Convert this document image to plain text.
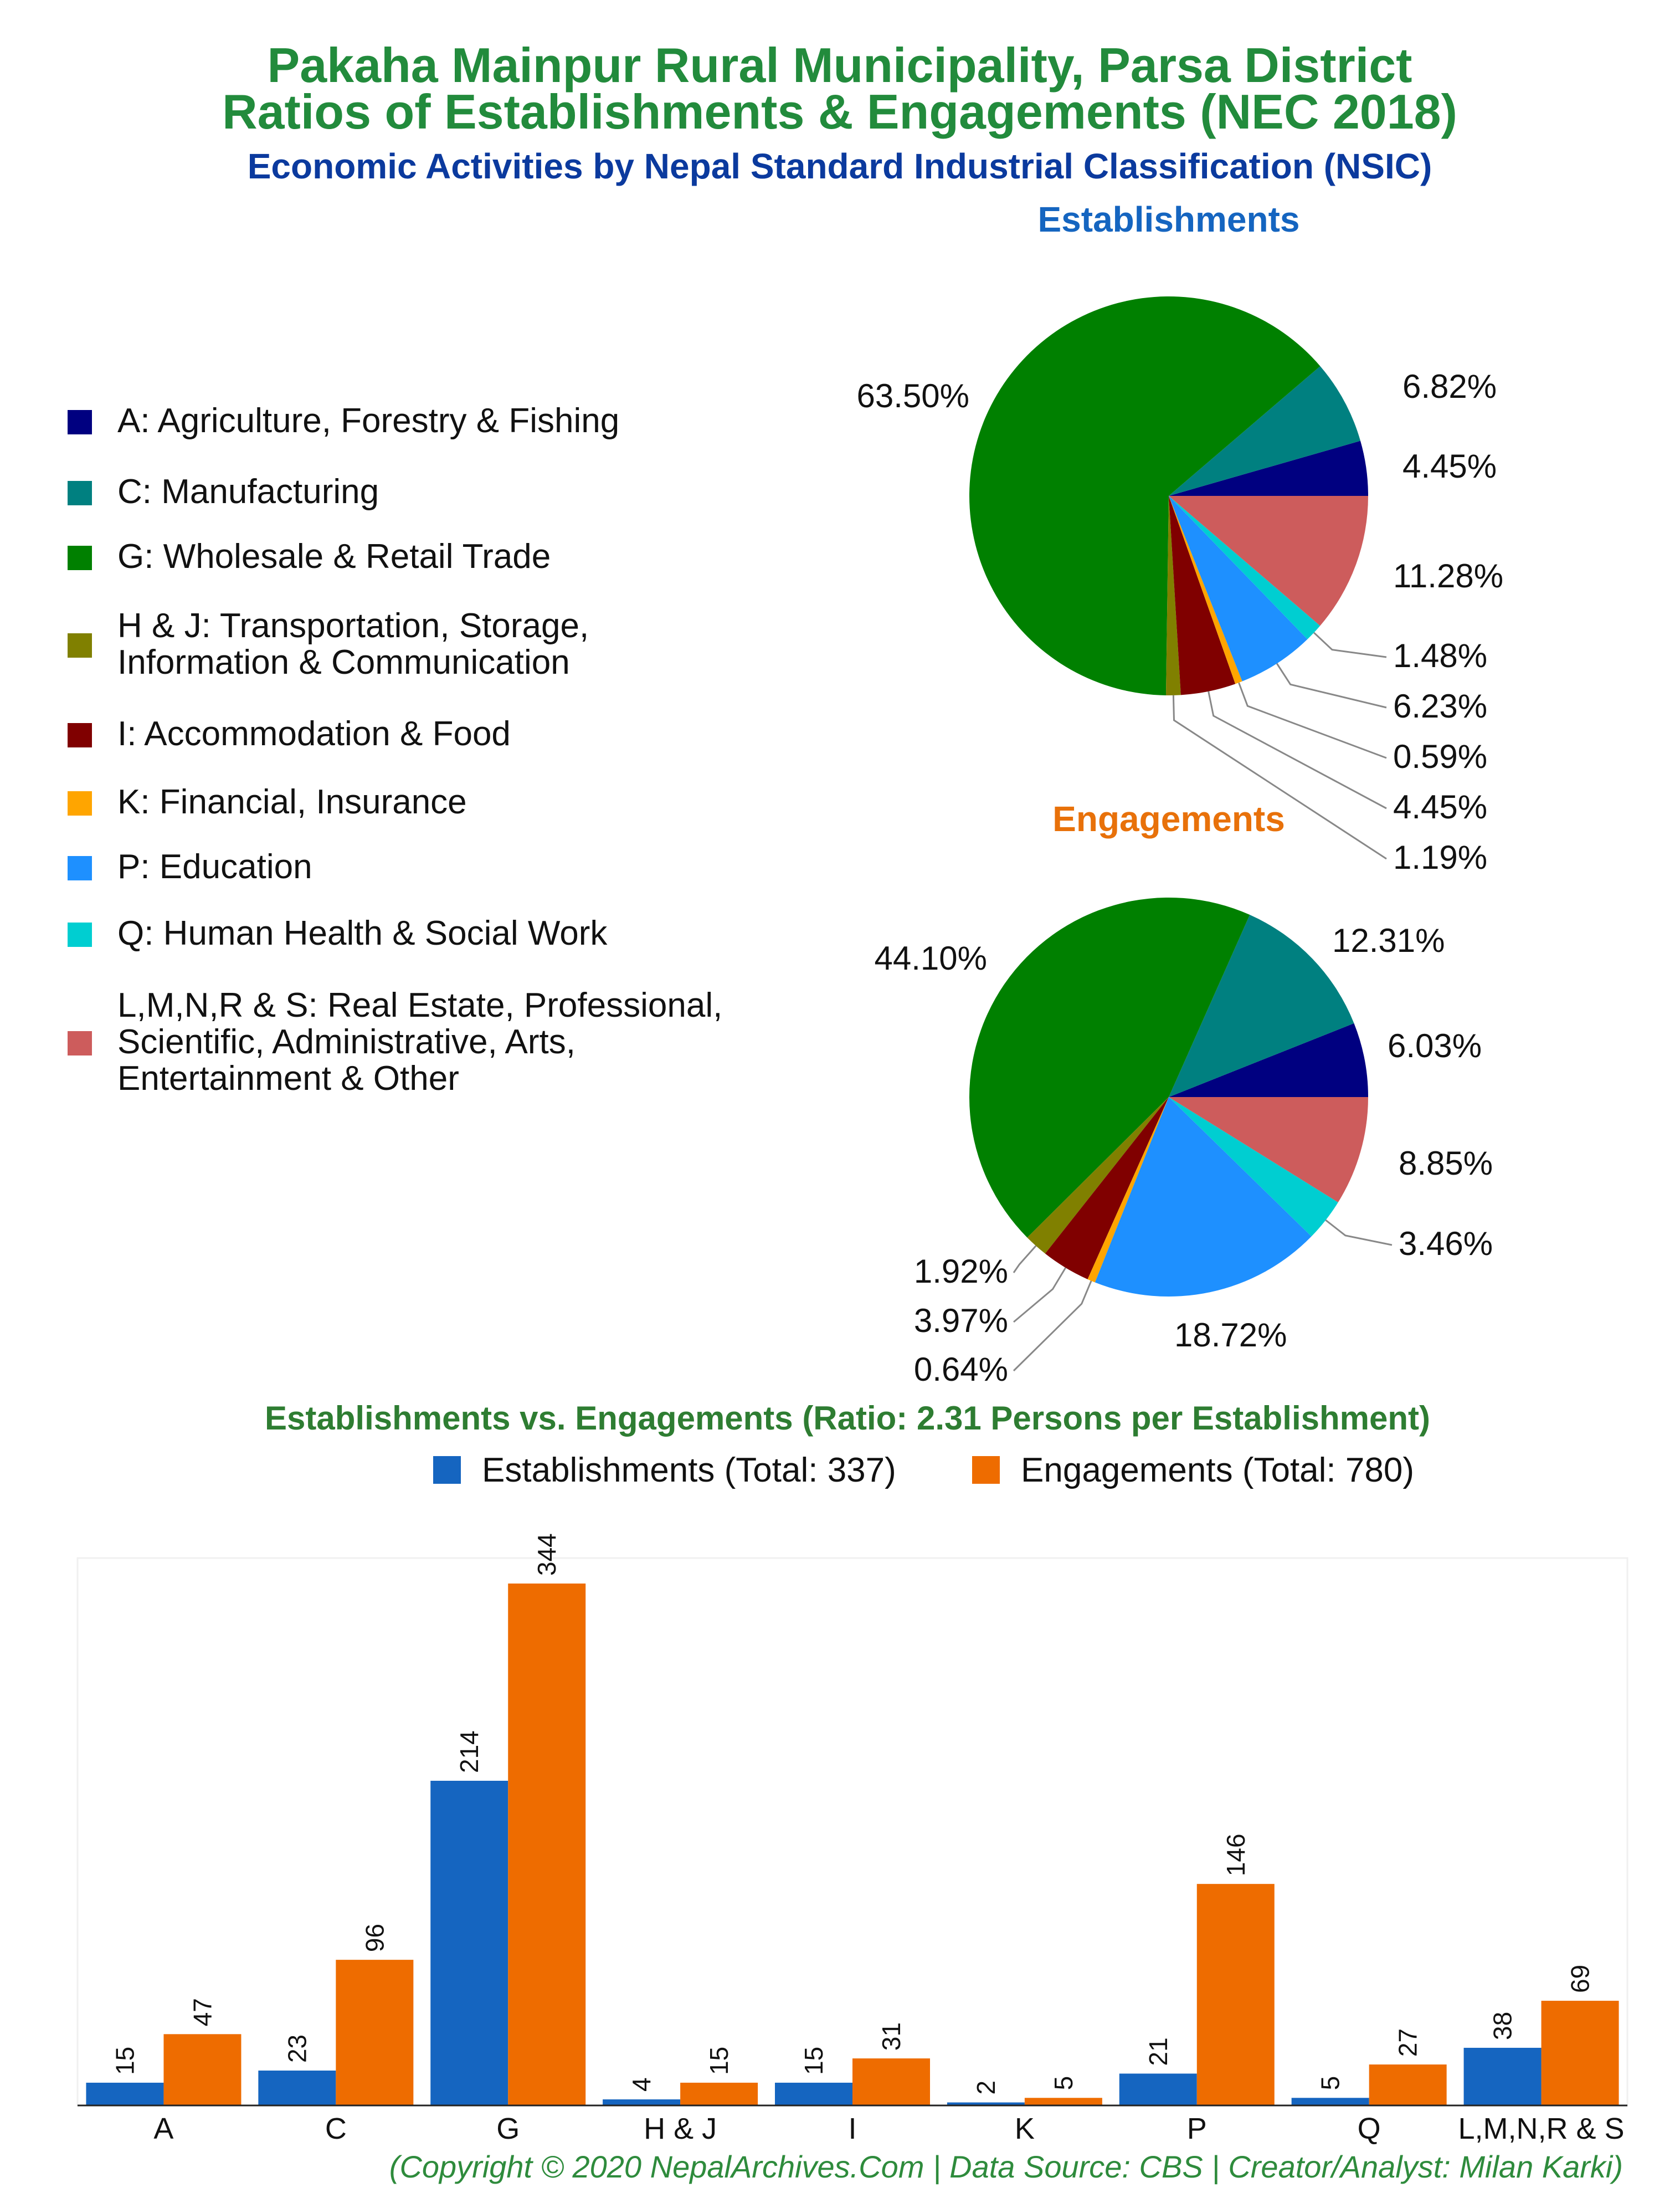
Pakaha Mainpur Rural Municipality, Parsa District
Ratios of Establishments & Engagements (NEC 2018)
Economic Activities by Nepal Standard Industrial Classification (NSIC)
A: Agriculture, Forestry & Fishing
C: Manufacturing
G: Wholesale & Retail Trade
H & J: Transportation, Storage,
Information & Communication
I: Accommodation & Food
K: Financial, Insurance
P: Education
Q: Human Health & Social Work
L,M,N,R & S: Real Estate, Professional,
Scientific, Administrative, Arts,
Entertainment & Other
Establishments
4.45%
6.82%
63.50%
1.19%
4.45%
0.59%
6.23%
1.48%
11.28%
Engagements
6.03%
12.31%
44.10%
1.92%
3.97%
0.64%
18.72%
3.46%
8.85%
Establishments vs. Engagements (Ratio: 2.31 Persons per Establishment)
Establishments (Total: 337)	Engagements (Total: 780)
15
47
A
23
96
C
214
344
G
4
15
H & J
15
31
I
2 5
K
21
146
P
5
27
Q
38
69
L,M,N,R & S
(Copyright © 2020 NepalArchives.Com | Data Source: CBS | Creator/Analyst: Milan Karki)
